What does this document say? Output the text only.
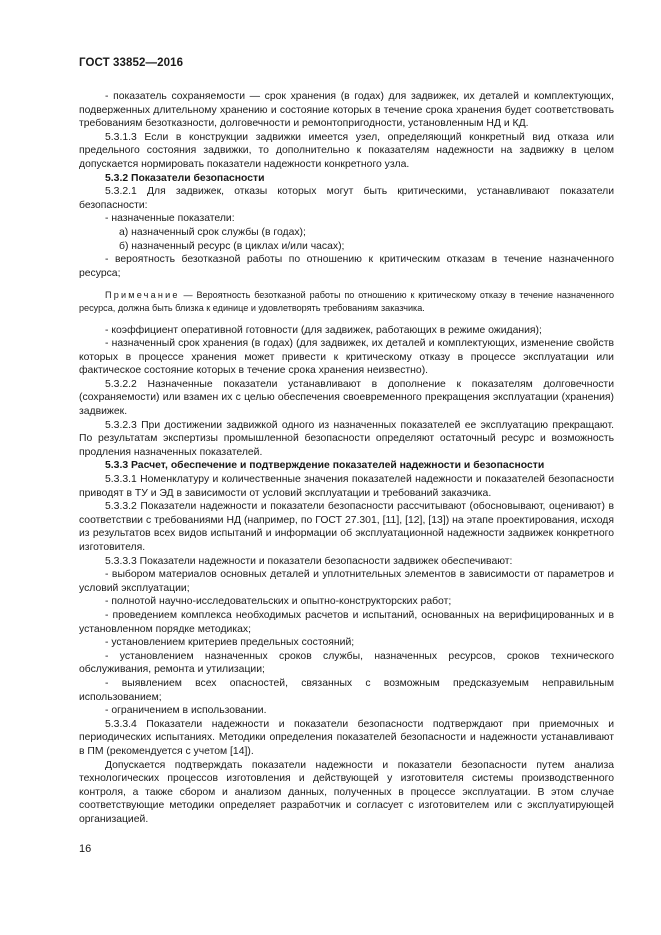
ГОСТ 33852—2016

- показатель сохраняемости — срок хранения (в годах) для задвижек, их деталей и комплектующих, подверженных длительному хранению и состояние которых в течение срока хранения будет соответствовать требованиям безотказности, долговечности и ремонтопригодности, установленным НД и КД.

5.3.1.3 Если в конструкции задвижки имеется узел, определяющий конкретный вид отказа или предельного состояния задвижки, то дополнительно к показателям надежности на задвижку в целом допускается нормировать показатели надежности конкретного узла.

5.3.2 Показатели безопасности

5.3.2.1 Для задвижек, отказы которых могут быть критическими, устанавливают показатели безопасности:

- назначенные показатели:

а) назначенный срок службы (в годах);

б) назначенный ресурс (в циклах и/или часах);

- вероятность безотказной работы по отношению к критическим отказам в течение назначенного ресурса;

Примечание — Вероятность безотказной работы по отношению к критическому отказу в течение назначенного ресурса, должна быть близка к единице и удовлетворять требованиям заказчика.

- коэффициент оперативной готовности (для задвижек, работающих в режиме ожидания);

- назначенный срок хранения (в годах) (для задвижек, их деталей и комплектующих, изменение свойств которых в процессе хранения может привести к критическому отказу в процессе эксплуатации или фактическое состояние которых в течение срока хранения неизвестно).

5.3.2.2 Назначенные показатели устанавливают в дополнение к показателям долговечности (сохраняемости) или взамен их с целью обеспечения своевременного прекращения эксплуатации (хранения) задвижек.

5.3.2.3 При достижении задвижкой одного из назначенных показателей ее эксплуатацию прекращают. По результатам экспертизы промышленной безопасности определяют остаточный ресурс и возможность продления назначенных показателей.

5.3.3 Расчет, обеспечение и подтверждение показателей надежности и безопасности

5.3.3.1 Номенклатуру и количественные значения показателей надежности и показателей безопасности приводят в ТУ и ЭД в зависимости от условий эксплуатации и требований заказчика.

5.3.3.2 Показатели надежности и показатели безопасности рассчитывают (обосновывают, оценивают) в соответствии с требованиями НД (например, по ГОСТ 27.301, [11], [12], [13]) на этапе проектирования, исходя из результатов всех видов испытаний и информации об эксплуатационной надежности задвижек конкретного изготовителя.

5.3.3.3 Показатели надежности и показатели безопасности задвижек обеспечивают:

- выбором материалов основных деталей и уплотнительных элементов в зависимости от параметров и условий эксплуатации;

- полнотой научно-исследовательских и опытно-конструкторских работ;

- проведением комплекса необходимых расчетов и испытаний, основанных на верифицированных и в установленном порядке методиках;

- установлением критериев предельных состояний;

- установлением назначенных сроков службы, назначенных ресурсов, сроков технического обслуживания, ремонта и утилизации;

- выявлением всех опасностей, связанных с возможным предсказуемым неправильным использованием;

- ограничением в использовании.

5.3.3.4 Показатели надежности и показатели безопасности подтверждают при приемочных и периодических испытаниях. Методики определения показателей безопасности и надежности устанавливают в ПМ (рекомендуется с учетом [14]).

Допускается подтверждать показатели надежности и показатели безопасности путем анализа технологических процессов изготовления и действующей у изготовителя системы производственного контроля, а также сбором и анализом данных, полученных в процессе эксплуатации. В этом случае соответствующие методики определяет разработчик и согласует с изготовителем или с эксплуатирующей организацией.

16
